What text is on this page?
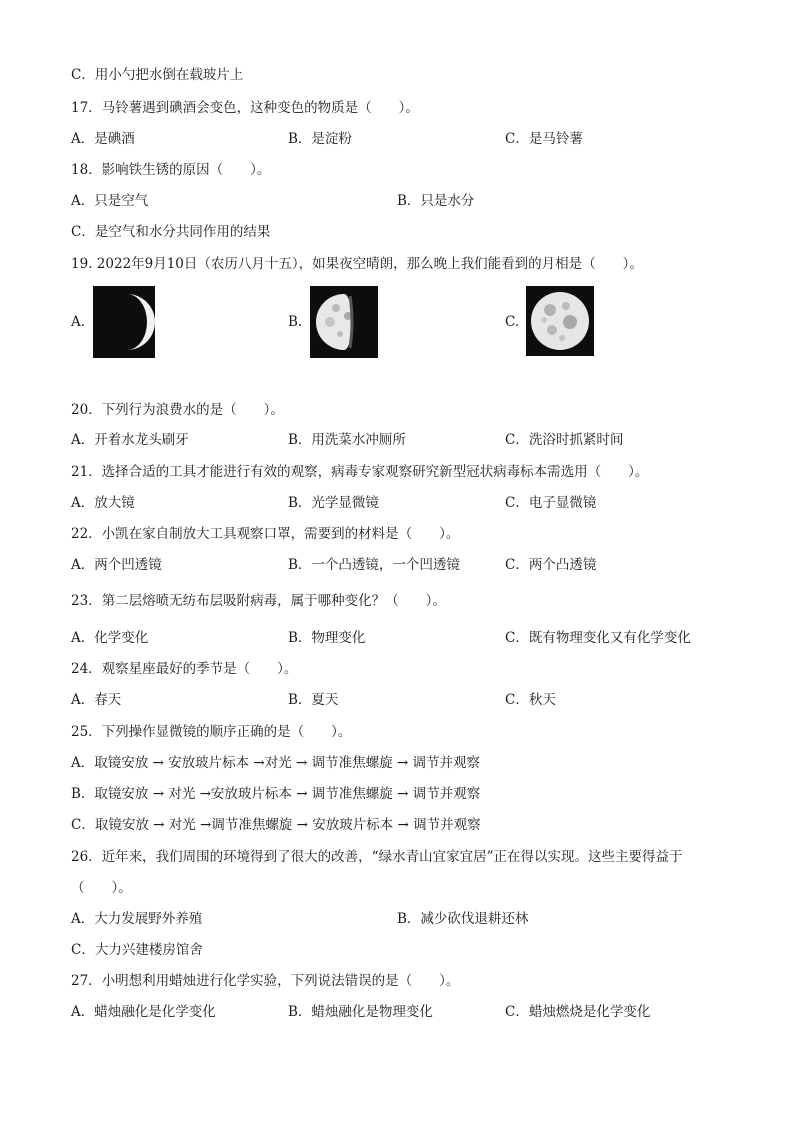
C．用小勺把水倒在载玻片上
17．马铃薯遇到碘酒会变色，这种变色的物质是（　　）。
A．是碘酒	B．是淀粉	C．是马铃薯
18．影响铁生锈的原因（　　）。
A．只是空气	B．只是水分
C．是空气和水分共同作用的结果
19. 2022年9月10日（农历八月十五），如果夜空晴朗，那么晚上我们能看到的月相是（　　）。
A.	B.	C.
20．下列行为浪费水的是（　　）。
A．开着水龙头刷牙	B．用洗菜水冲厕所	C．洗浴时抓紧时间
21．选择合适的工具才能进行有效的观察，病毒专家观察研究新型冠状病毒标本需选用（　　）。
A．放大镜	B．光学显微镜	C．电子显微镜
22．小凯在家自制放大工具观察口罩，需要到的材料是（　　）。
A．两个凹透镜	B．一个凸透镜，一个凹透镜	C．两个凸透镜
23．第二层熔喷无纺布层吸附病毒，属于哪种变化？（　　）。
A．化学变化	B．物理变化	C．既有物理变化又有化学变化
24．观察星座最好的季节是（　　）。
A．春天	B．夏天	C．秋天
25．下列操作显微镜的顺序正确的是（　　）。
A．取镜安放 → 安放玻片标本 →对光 → 调节准焦螺旋 → 调节并观察
B．取镜安放 → 对光 →安放玻片标本 → 调节准焦螺旋 → 调节并观察
C．取镜安放 → 对光 →调节准焦螺旋 → 安放玻片标本 → 调节并观察
26．近年来，我们周围的环境得到了很大的改善，“绿水青山宜家宜居”正在得以实现。这些主要得益于
（　　）。
A．大力发展野外养殖	B．减少砍伐退耕还林
C．大力兴建楼房馆舍
27．小明想利用蜡烛进行化学实验，下列说法错误的是（　　）。
A．蜡烛融化是化学变化	B．蜡烛融化是物理变化	C．蜡烛燃烧是化学变化
